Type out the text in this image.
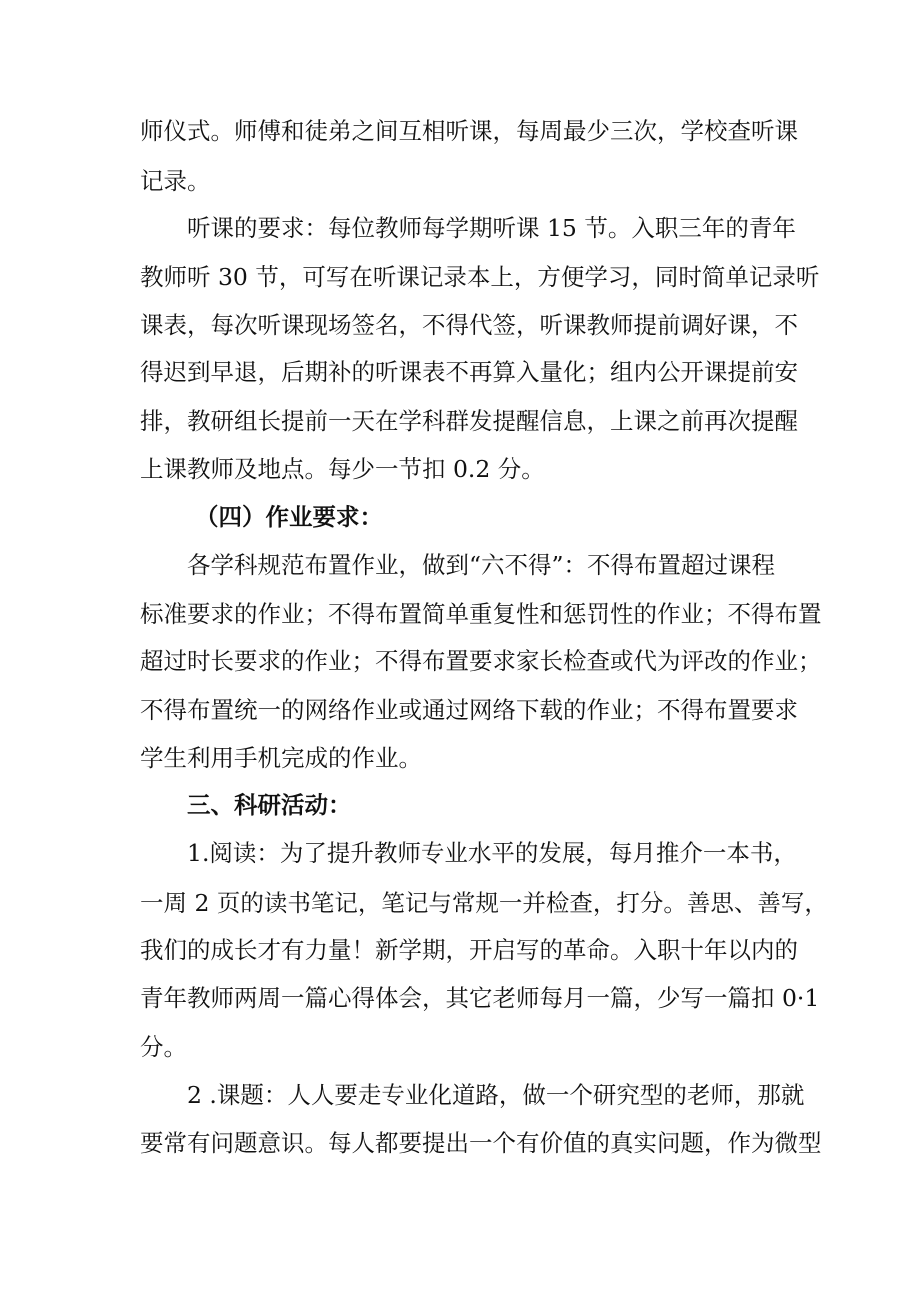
师仪式。师傅和徒弟之间互相听课，每周最少三次，学校查听课
记录。
听课的要求：每位教师每学期听课 15 节。入职三年的青年
教师听 30 节，可写在听课记录本上，方便学习，同时简单记录听
课表，每次听课现场签名，不得代签，听课教师提前调好课，不
得迟到早退，后期补的听课表不再算入量化；组内公开课提前安
排，教研组长提前一天在学科群发提醒信息，上课之前再次提醒
上课教师及地点。每少一节扣 0.2 分。
（四）作业要求：
各学科规范布置作业，做到“六不得”：不得布置超过课程
标准要求的作业；不得布置简单重复性和惩罚性的作业；不得布置
超过时长要求的作业；不得布置要求家长检查或代为评改的作业；
不得布置统一的网络作业或通过网络下载的作业；不得布置要求
学生利用手机完成的作业。
三、科研活动：
1.阅读：为了提升教师专业水平的发展，每月推介一本书，
一周 2 页的读书笔记，笔记与常规一并检查，打分。善思、善写，
我们的成长才有力量！新学期，开启写的革命。入职十年以内的
青年教师两周一篇心得体会，其它老师每月一篇，少写一篇扣 0·1
分。
2 .课题：人人要走专业化道路，做一个研究型的老师，那就
要常有问题意识。每人都要提出一个有价值的真实问题，作为微型
